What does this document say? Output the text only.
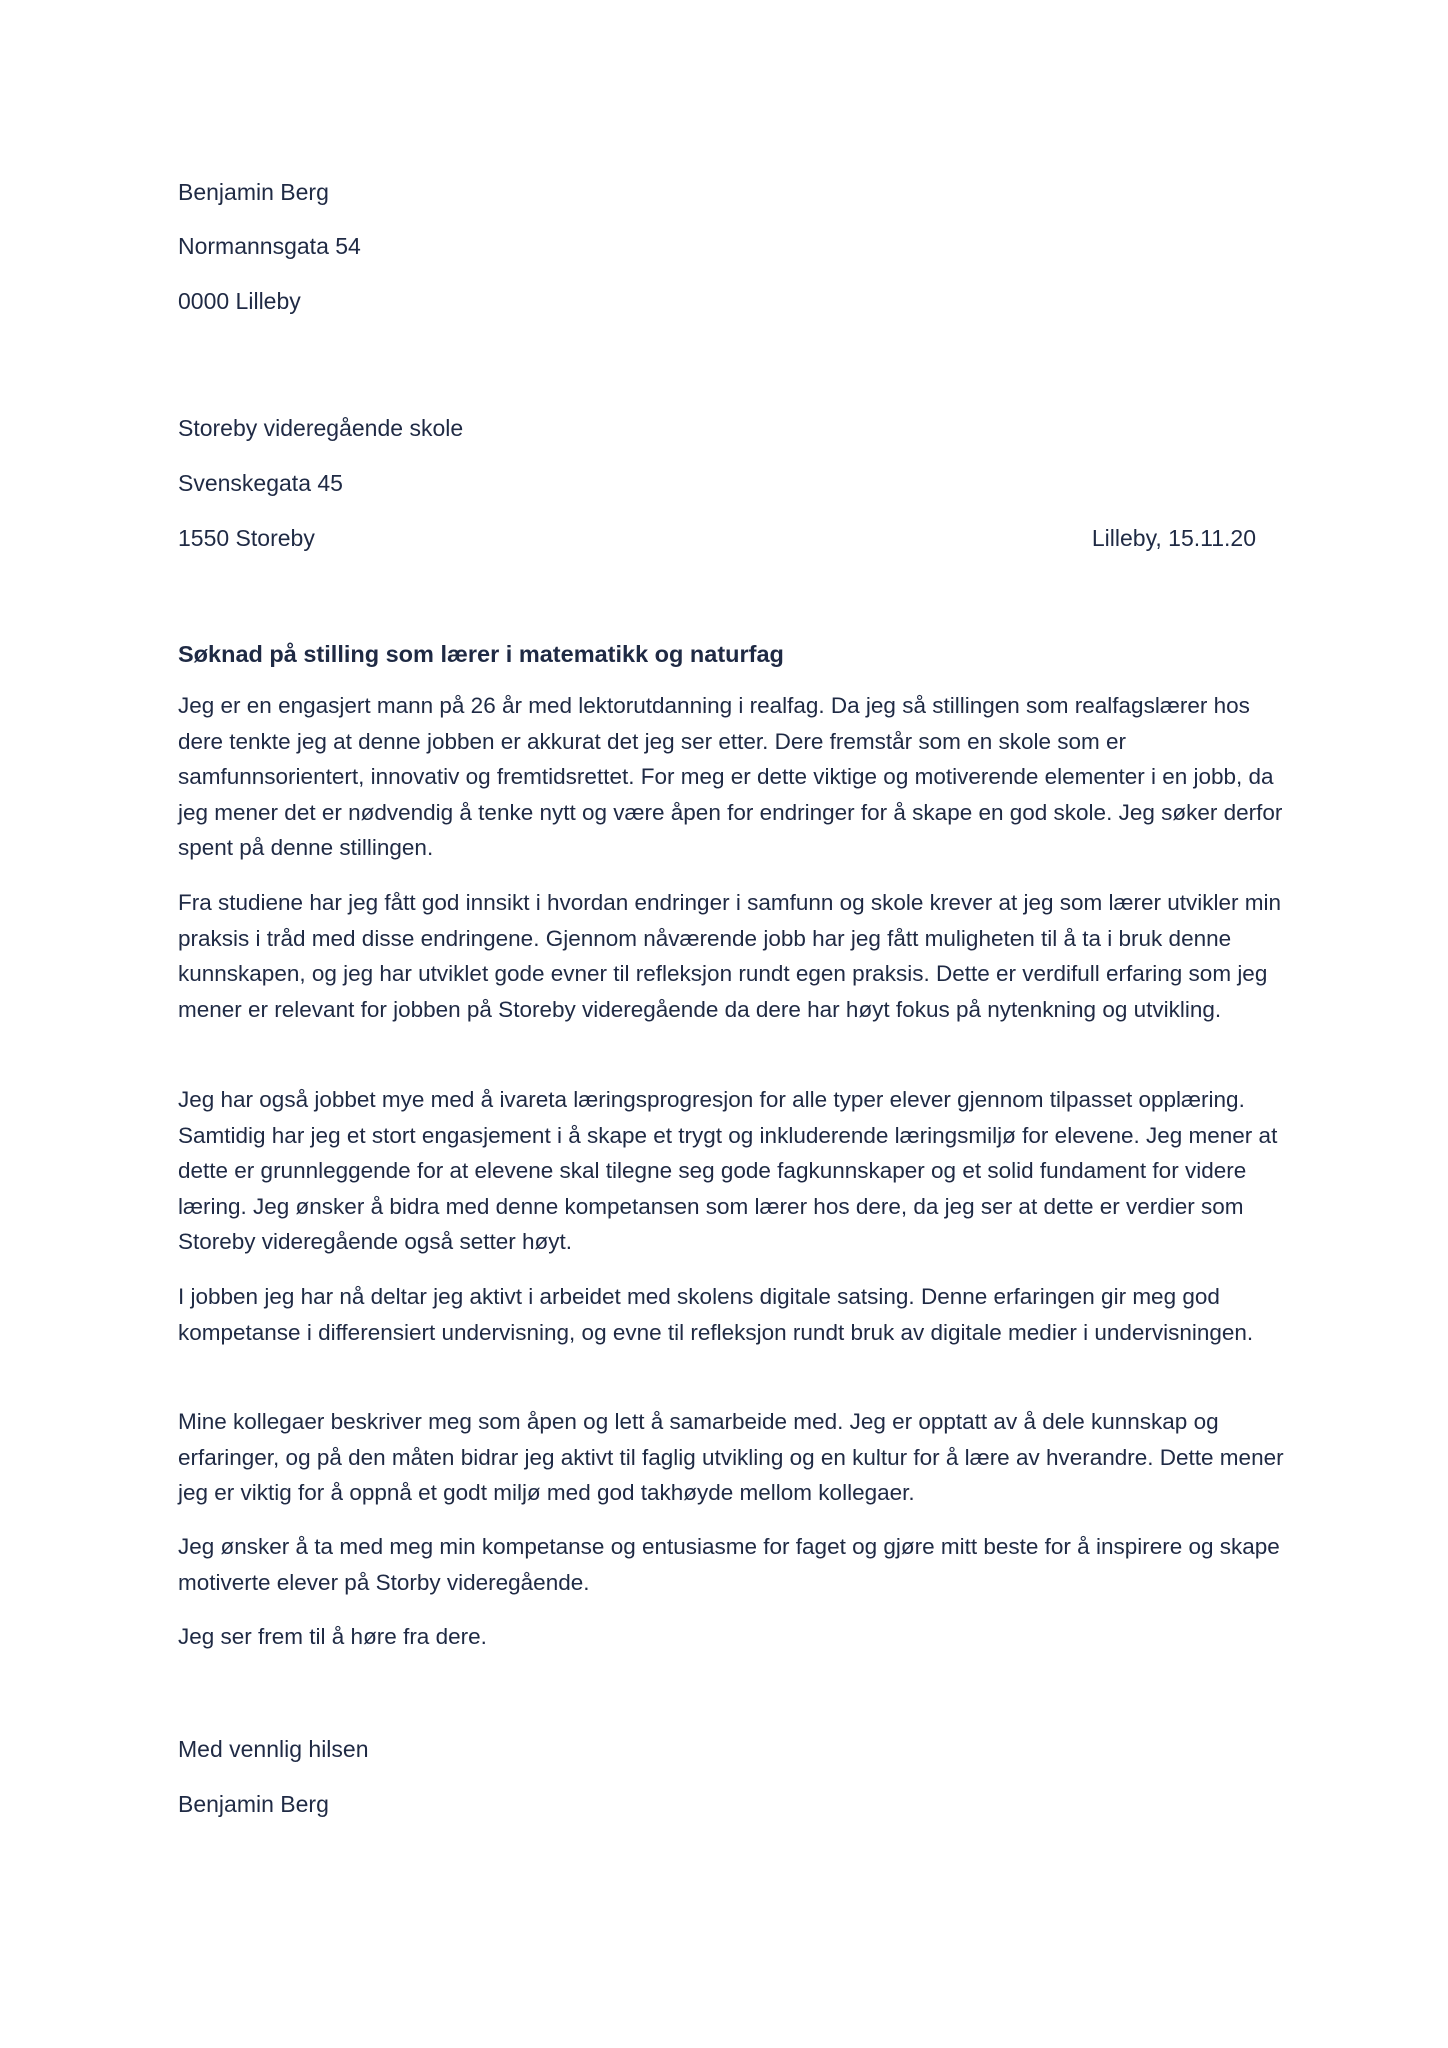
Benjamin Berg

Normannsgata 54

0000 Lilleby

Storeby videregående skole

Svenskegata 45

1550 Storeby	Lilleby, 15.11.20
Søknad på stilling som lærer i matematikk og naturfag

Jeg er en engasjert mann på 26 år med lektorutdanning i realfag. Da jeg så stillingen som realfagslærer hos dere tenkte jeg at denne jobben er akkurat det jeg ser etter. Dere fremstår som en skole som er samfunnsorientert, innovativ og fremtidsrettet. For meg er dette viktige og motiverende elementer i en jobb, da jeg mener det er nødvendig å tenke nytt og være åpen for endringer for å skape en god skole. Jeg søker derfor spent på denne stillingen.

Fra studiene har jeg fått god innsikt i hvordan endringer i samfunn og skole krever at jeg som lærer utvikler min praksis i tråd med disse endringene. Gjennom nåværende jobb har jeg fått muligheten til å ta i bruk denne kunnskapen, og jeg har utviklet gode evner til refleksjon rundt egen praksis. Dette er verdifull erfaring som jeg mener er relevant for jobben på Storeby videregående da dere har høyt fokus på nytenkning og utvikling.

Jeg har også jobbet mye med å ivareta læringsprogresjon for alle typer elever gjennom tilpasset opplæring. Samtidig har jeg et stort engasjement i å skape et trygt og inkluderende læringsmiljø for elevene. Jeg mener at dette er grunnleggende for at elevene skal tilegne seg gode fagkunnskaper og et solid fundament for videre læring. Jeg ønsker å bidra med denne kompetansen som lærer hos dere, da jeg ser at dette er verdier som Storeby videregående også setter høyt.

I jobben jeg har nå deltar jeg aktivt i arbeidet med skolens digitale satsing. Denne erfaringen gir meg god kompetanse i differensiert undervisning, og evne til refleksjon rundt bruk av digitale medier i undervisningen.

Mine kollegaer beskriver meg som åpen og lett å samarbeide med. Jeg er opptatt av å dele kunnskap og erfaringer, og på den måten bidrar jeg aktivt til faglig utvikling og en kultur for å lære av hverandre. Dette mener jeg er viktig for å oppnå et godt miljø med god takhøyde mellom kollegaer.

Jeg ønsker å ta med meg min kompetanse og entusiasme for faget og gjøre mitt beste for å inspirere og skape motiverte elever på Storby videregående.

Jeg ser frem til å høre fra dere.

Med vennlig hilsen

Benjamin Berg
